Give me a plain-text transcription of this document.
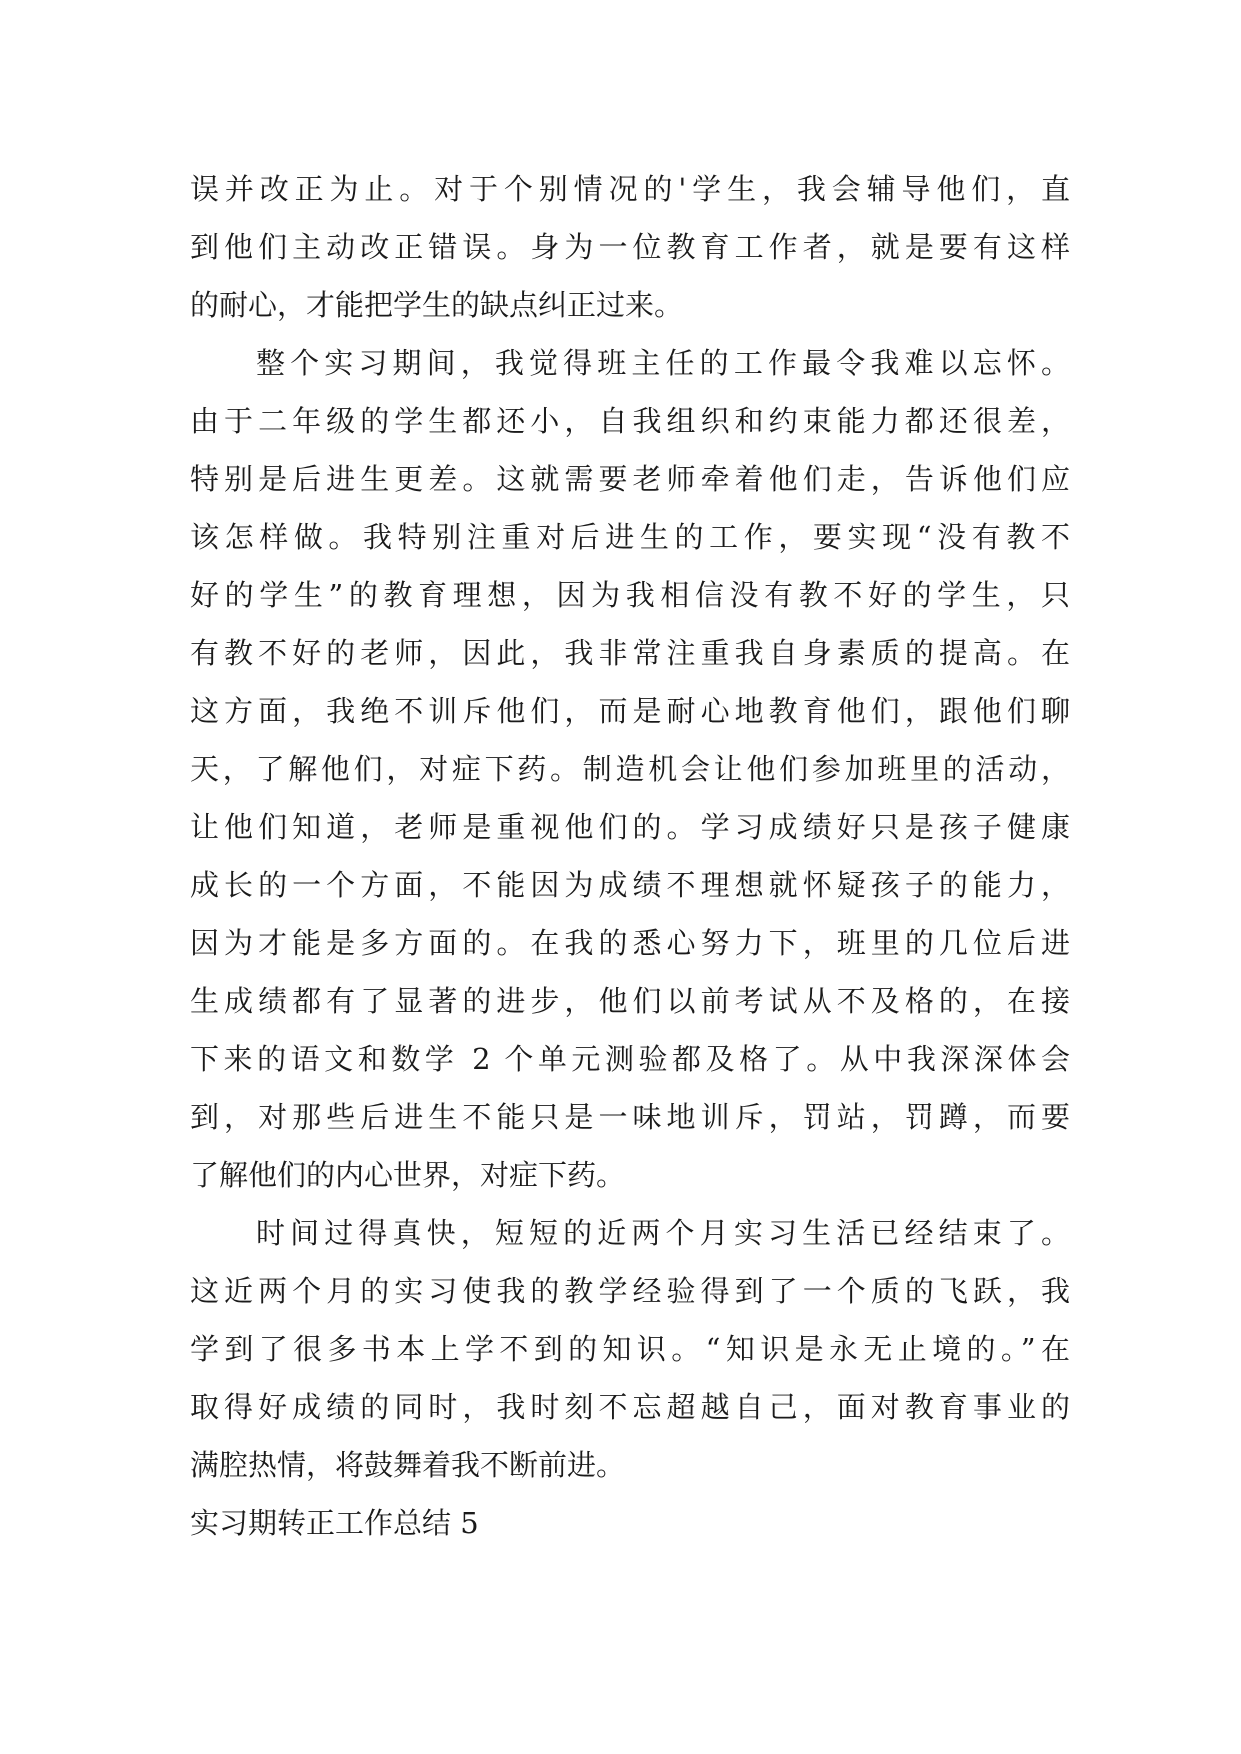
误并改正为止。对于个别情况的'学生，我会辅导他们，直
到他们主动改正错误。身为一位教育工作者，就是要有这样
的耐心，才能把学生的缺点纠正过来。
整个实习期间，我觉得班主任的工作最令我难以忘怀。
由于二年级的学生都还小，自我组织和约束能力都还很差，
特别是后进生更差。这就需要老师牵着他们走，告诉他们应
该怎样做。我特别注重对后进生的工作，要实现“没有教不
好的学生”的教育理想，因为我相信没有教不好的学生，只
有教不好的老师，因此，我非常注重我自身素质的提高。在
这方面，我绝不训斥他们，而是耐心地教育他们，跟他们聊
天，了解他们，对症下药。制造机会让他们参加班里的活动，
让他们知道，老师是重视他们的。学习成绩好只是孩子健康
成长的一个方面，不能因为成绩不理想就怀疑孩子的能力，
因为才能是多方面的。在我的悉心努力下，班里的几位后进
生成绩都有了显著的进步，他们以前考试从不及格的，在接
下来的语文和数学 2 个单元测验都及格了。从中我深深体会
到，对那些后进生不能只是一味地训斥，罚站，罚蹲，而要
了解他们的内心世界，对症下药。
时间过得真快，短短的近两个月实习生活已经结束了。
这近两个月的实习使我的教学经验得到了一个质的飞跃，我
学到了很多书本上学不到的知识。“知识是永无止境的。”在
取得好成绩的同时，我时刻不忘超越自己，面对教育事业的
满腔热情，将鼓舞着我不断前进。
实习期转正工作总结 5
